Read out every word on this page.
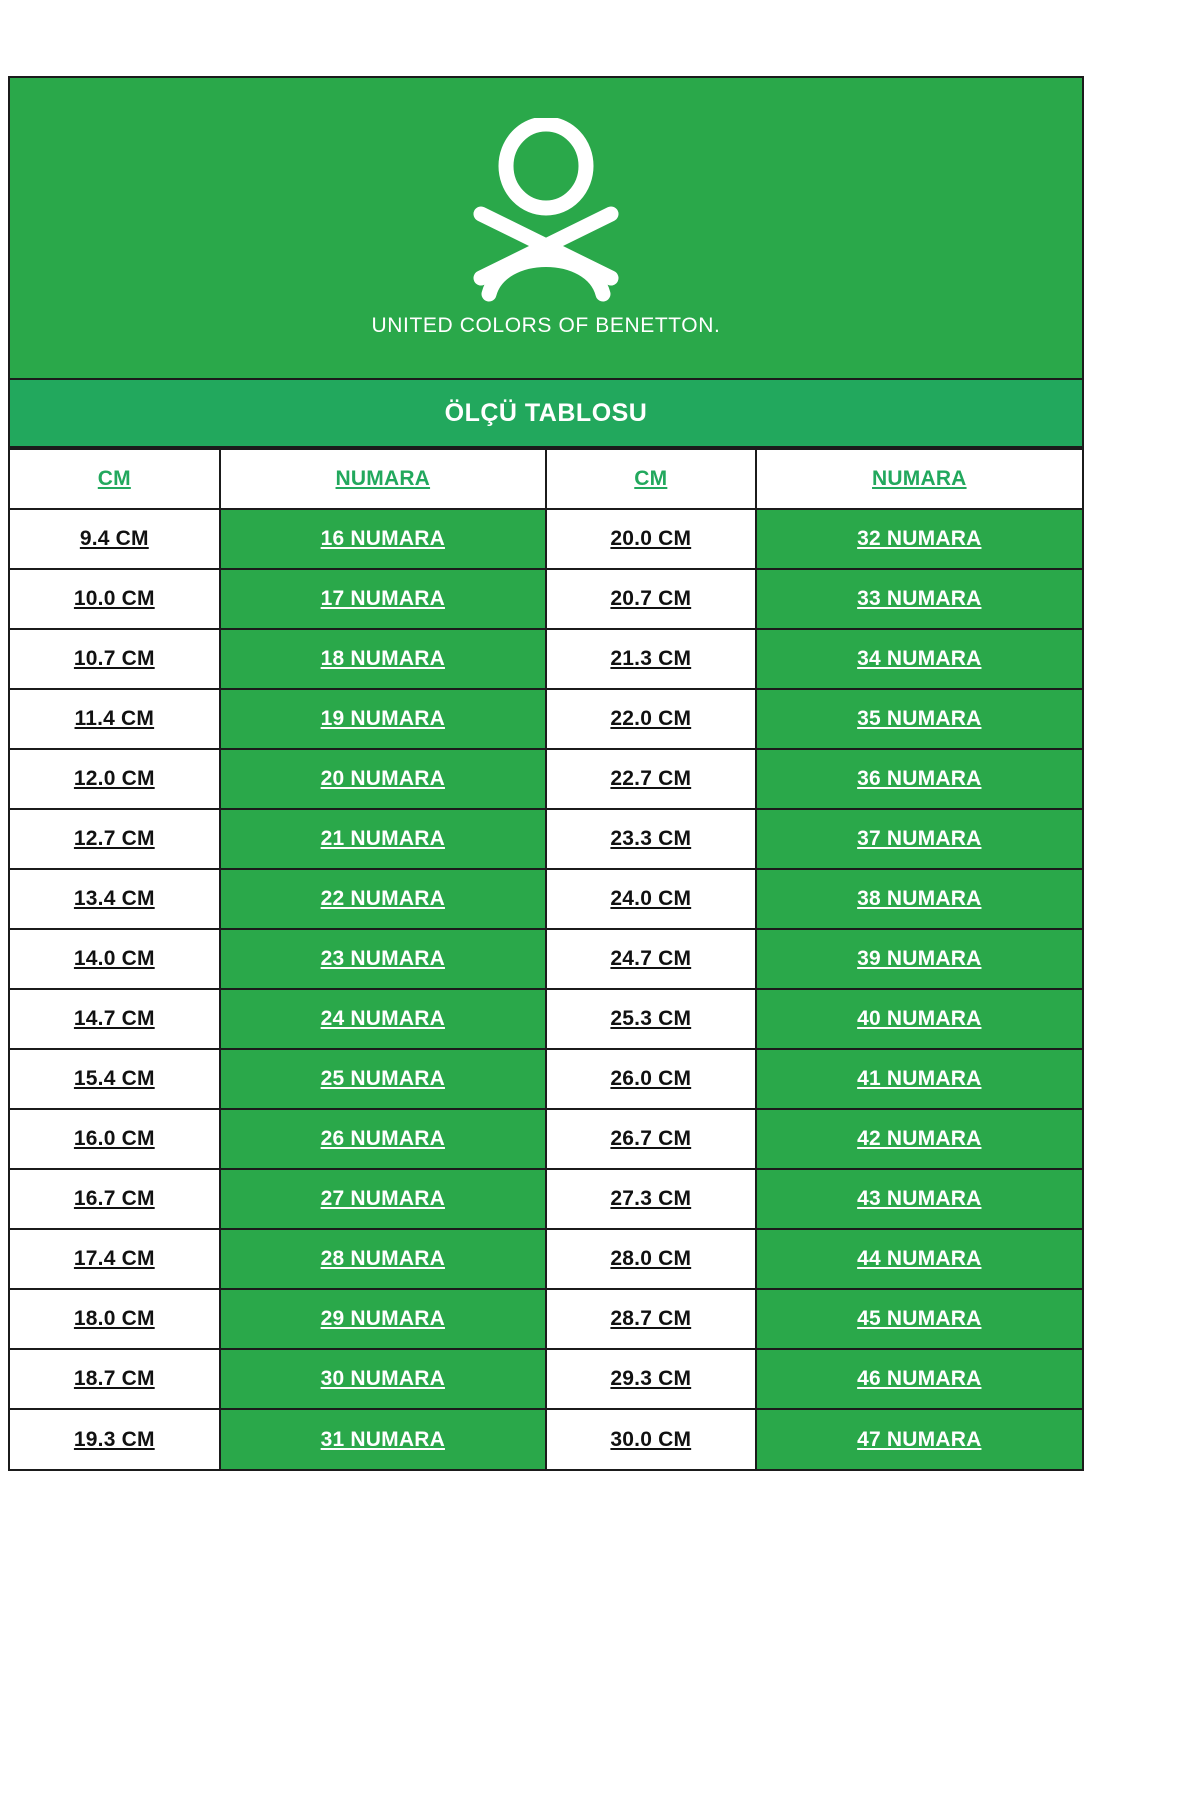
UNITED COLORS OF BENETTON.
ÖLÇÜ TABLOSU
CM	NUMARA	CM	NUMARA
9.4 CM	16 NUMARA	20.0 CM	32 NUMARA
10.0 CM	17 NUMARA	20.7 CM	33 NUMARA
10.7 CM	18 NUMARA	21.3 CM	34 NUMARA
11.4 CM	19 NUMARA	22.0 CM	35 NUMARA
12.0 CM	20 NUMARA	22.7 CM	36 NUMARA
12.7 CM	21 NUMARA	23.3 CM	37 NUMARA
13.4 CM	22 NUMARA	24.0 CM	38 NUMARA
14.0 CM	23 NUMARA	24.7 CM	39 NUMARA
14.7 CM	24 NUMARA	25.3 CM	40 NUMARA
15.4 CM	25 NUMARA	26.0 CM	41 NUMARA
16.0 CM	26 NUMARA	26.7 CM	42 NUMARA
16.7 CM	27 NUMARA	27.3 CM	43 NUMARA
17.4 CM	28 NUMARA	28.0 CM	44 NUMARA
18.0 CM	29 NUMARA	28.7 CM	45 NUMARA
18.7 CM	30 NUMARA	29.3 CM	46 NUMARA
19.3 CM	31 NUMARA	30.0 CM	47 NUMARA
